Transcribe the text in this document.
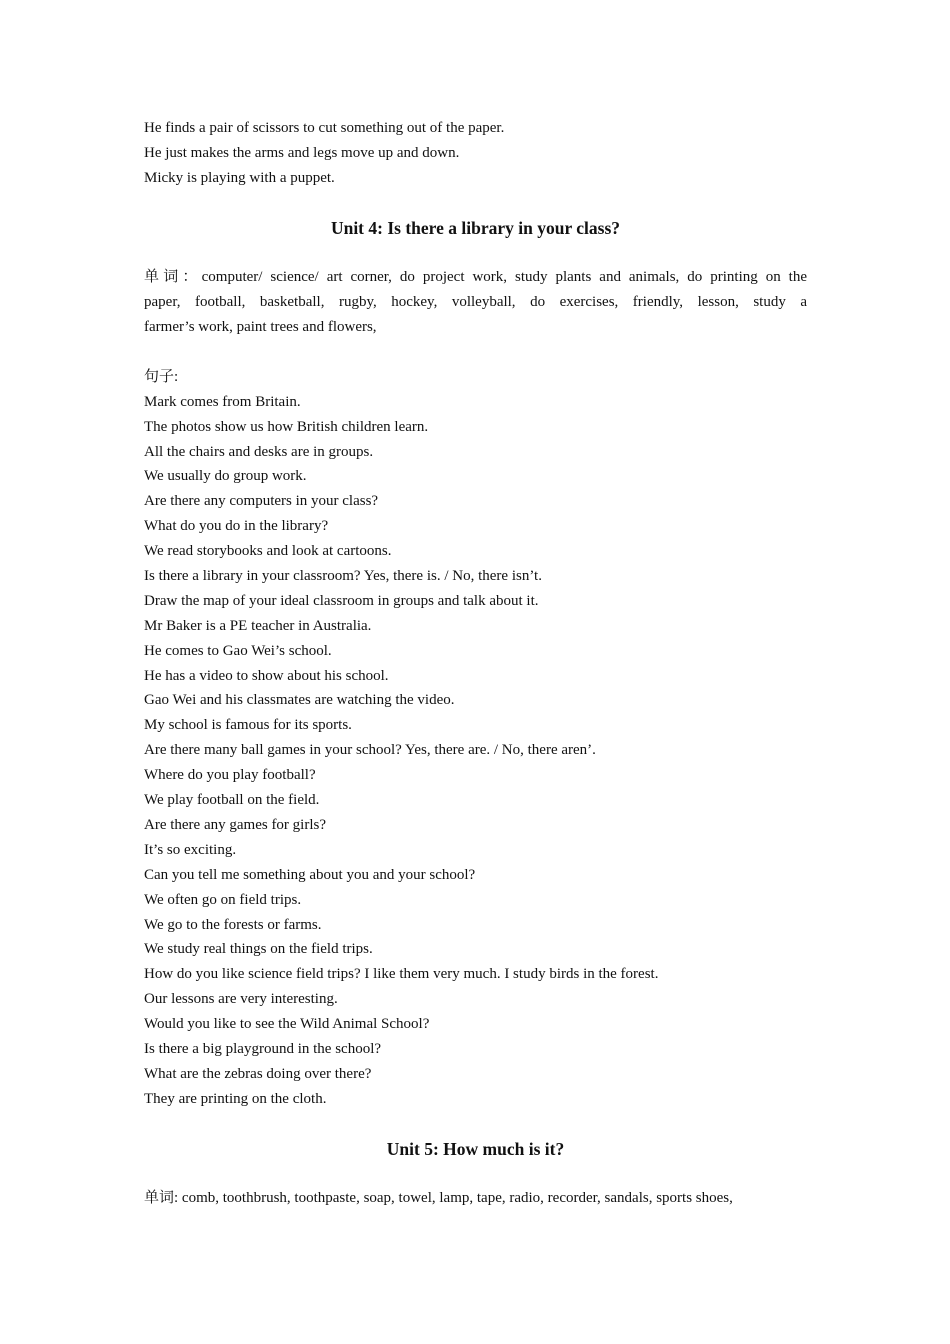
He finds a pair of scissors to cut something out of the paper.
He just makes the arms and legs move up and down.
Micky is playing with a puppet.
Unit 4: Is there a library in your class?
单词：computer/ science/ art corner, do project work, study plants and animals, do printing on the
paper, football, basketball, rugby, hockey, volleyball, do exercises, friendly, lesson, study a
farmer’s work, paint trees and flowers,
句子:
Mark comes from Britain.
The photos show us how British children learn.
All the chairs and desks are in groups.
We usually do group work.
Are there any computers in your class?
What do you do in the library?
We read storybooks and look at cartoons.
Is there a library in your classroom? Yes, there is. / No, there isn’t.
Draw the map of your ideal classroom in groups and talk about it.
Mr Baker is a PE teacher in Australia.
He comes to Gao Wei’s school.
He has a video to show about his school.
Gao Wei and his classmates are watching the video.
My school is famous for its sports.
Are there many ball games in your school? Yes, there are. / No, there aren’.
Where do you play football?
We play football on the field.
Are there any games for girls?
It’s so exciting.
Can you tell me something about you and your school?
We often go on field trips.
We go to the forests or farms.
We study real things on the field trips.
How do you like science field trips? I like them very much. I study birds in the forest.
Our lessons are very interesting.
Would you like to see the Wild Animal School?
Is there a big playground in the school?
What are the zebras doing over there?
They are printing on the cloth.
Unit 5: How much is it?
单词: comb, toothbrush, toothpaste, soap, towel, lamp, tape, radio, recorder, sandals, sports shoes,
